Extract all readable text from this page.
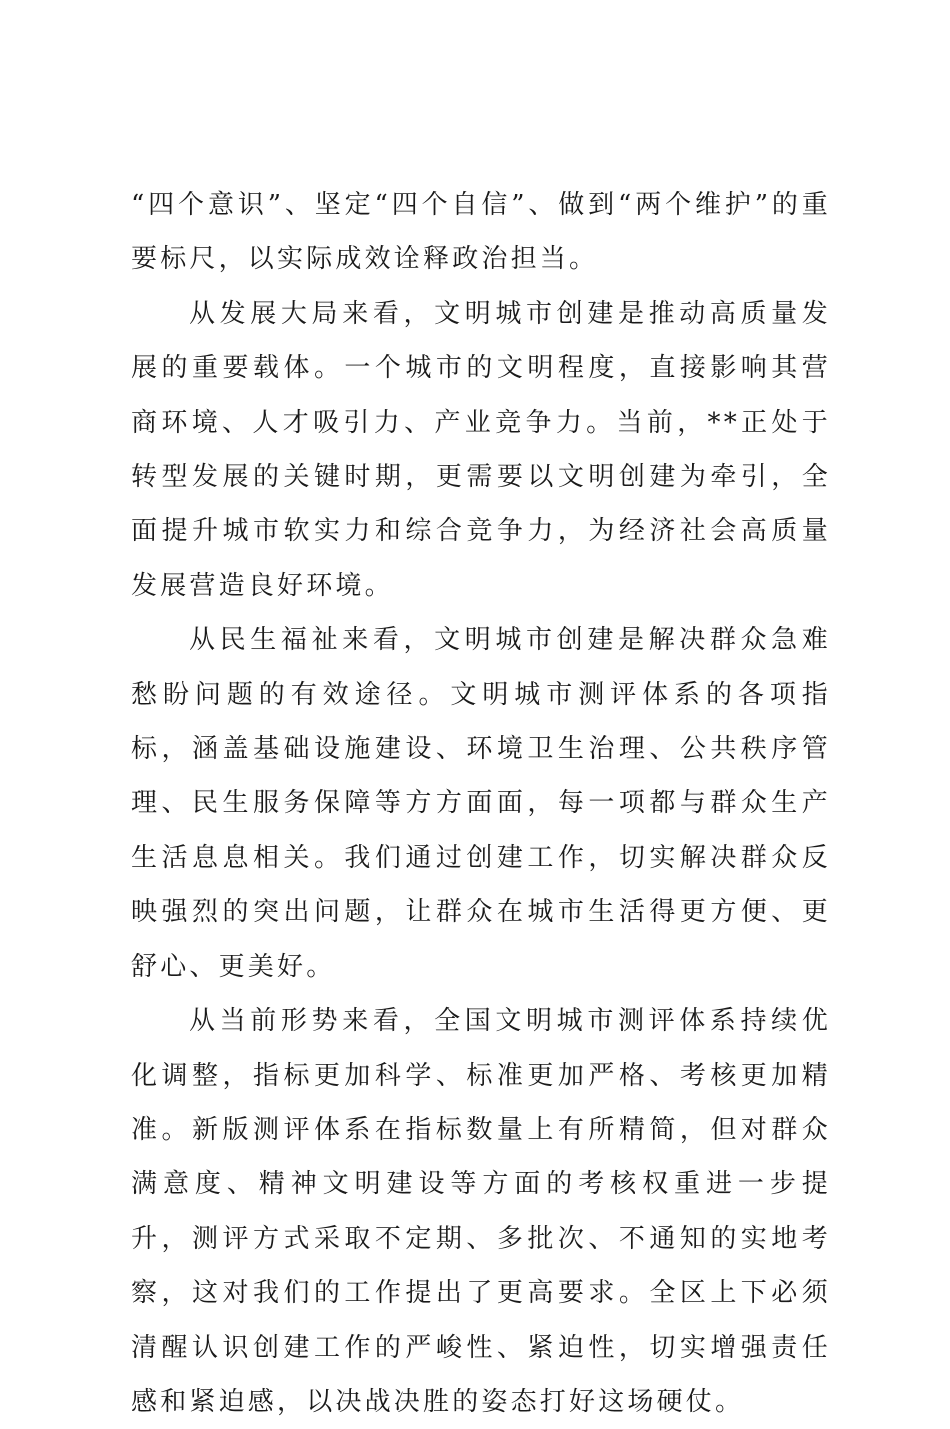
“四个意识”、坚定“四个自信”、做到“两个维护”的重要标尺，以实际成效诠释政治担当。

从发展大局来看，文明城市创建是推动高质量发展的重要载体。一个城市的文明程度，直接影响其营商环境、人才吸引力、产业竞争力。当前，**正处于转型发展的关键时期，更需要以文明创建为牵引，全面提升城市软实力和综合竞争力，为经济社会高质量发展营造良好环境。

从民生福祉来看，文明城市创建是解决群众急难愁盼问题的有效途径。文明城市测评体系的各项指标，涵盖基础设施建设、环境卫生治理、公共秩序管理、民生服务保障等方方面面，每一项都与群众生产生活息息相关。我们通过创建工作，切实解决群众反映强烈的突出问题，让群众在城市生活得更方便、更舒心、更美好。

从当前形势来看，全国文明城市测评体系持续优化调整，指标更加科学、标准更加严格、考核更加精准。新版测评体系在指标数量上有所精简，但对群众满意度、精神文明建设等方面的考核权重进一步提升，测评方式采取不定期、多批次、不通知的实地考察，这对我们的工作提出了更高要求。全区上下必须清醒认识创建工作的严峻性、紧迫性，切实增强责任感和紧迫感，以决战决胜的姿态打好这场硬仗。
